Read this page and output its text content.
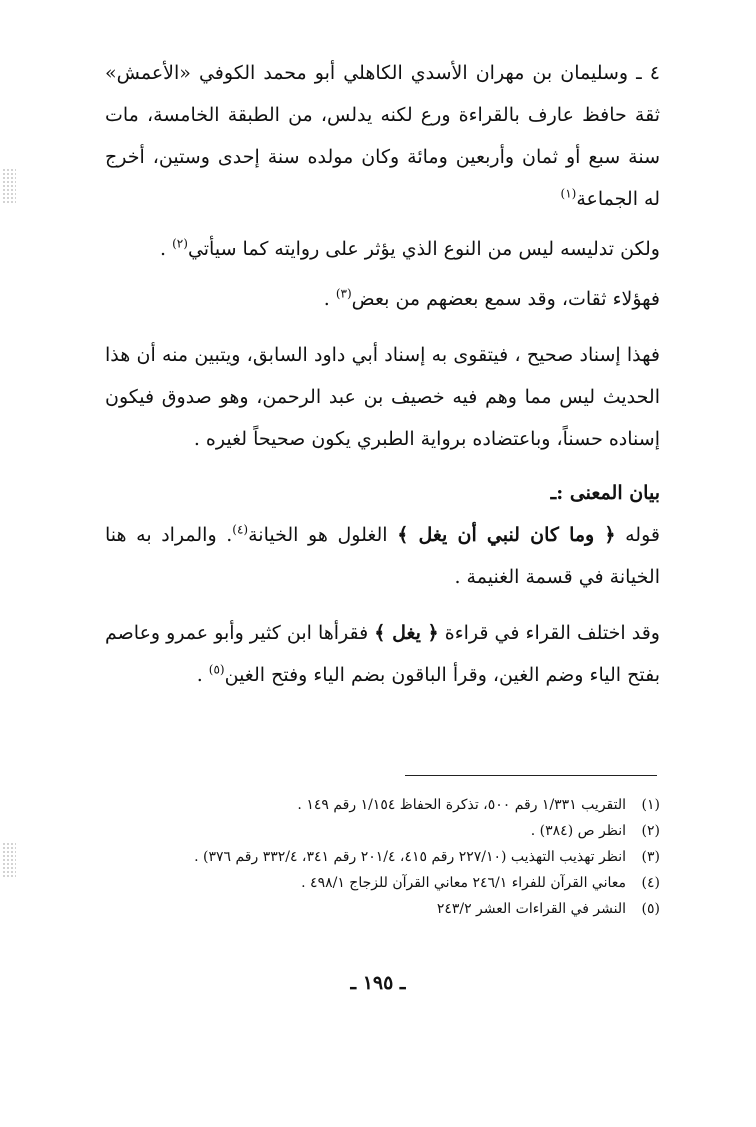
٤ ـ وسليمان بن مهران الأسدي الكاهلي أبو محمد الكوفي «الأعمش» ثقة حافظ عارف بالقراءة ورع لكنه يدلس، من الطبقة الخامسة، مات سنة سبع أو ثمان وأربعين ومائة وكان مولده سنة إحدى وستين، أخرج له الجماعة$^{(١)}$

ولكن تدليسه ليس من النوع الذي يؤثر على روايته كما سيأتي$^{(٢)}$ .

فهؤلاء ثقات، وقد سمع بعضهم من بعض$^{(٣)}$ .

فهذا إسناد صحيح ، فيتقوى به إسناد أبي داود السابق، ويتبين منه أن هذا الحديث ليس مما وهم فيه خصيف بن عبد الرحمن، وهو صدوق فيكون إسناده حسناً، وباعتضاده برواية الطبري يكون صحيحاً لغيره .

بيان المعنى :ـ

قوله ﴿ وما كان لنبي أن يغل ﴾ الغلول هو الخيانة$^{(٤)}$. والمراد به هنا الخيانة في قسمة الغنيمة .

وقد اختلف القراء في قراءة ﴿ يغل ﴾ فقرأها ابن كثير وأبو عمرو وعاصم بفتح الياء وضم الغين، وقرأ الباقون بضم الياء وفتح الغين$^{(٥)}$ .

(١)
التقريب ١/٣٣١ رقم ٥٠٠، تذكرة الحفاظ ١/١٥٤ رقم ١٤٩ .
(٢)
انظر ص (٣٨٤) .
(٣)
انظر تهذيب التهذيب (٢٢٧/١٠ رقم ٤١٥، ٢٠١/٤ رقم ٣٤١، ٣٣٢/٤ رقم ٣٧٦) .
(٤)
معاني القرآن للفراء ٢٤٦/١ معاني القرآن للزجاج ٤٩٨/١ .
(٥)
النشر في القراءات العشر ٢٤٣/٢
ـ ١٩٥ ـ
